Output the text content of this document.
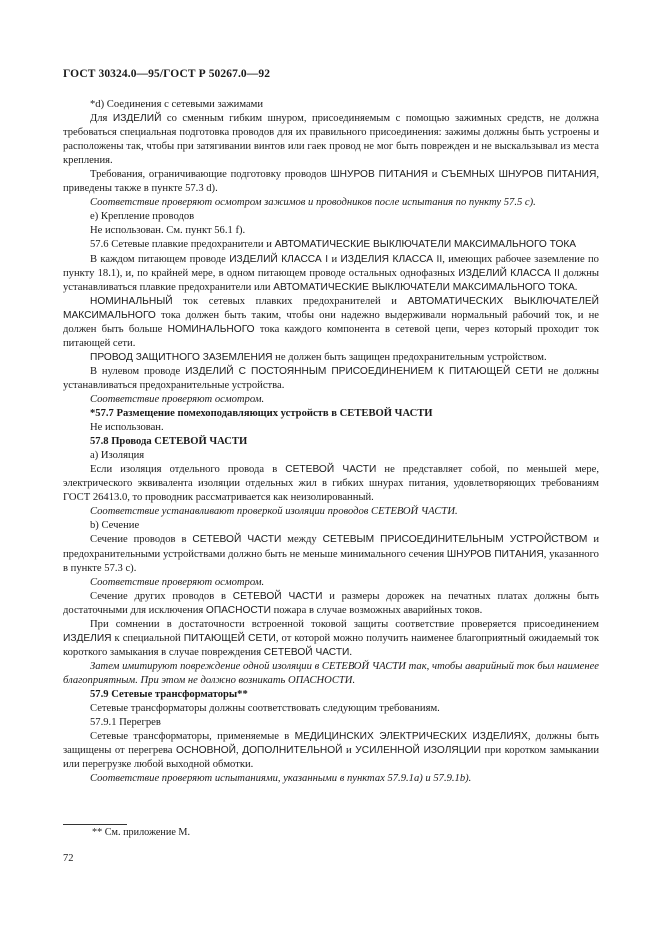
ГОСТ 30324.0—95/ГОСТ Р 50267.0—92

*d) Соединения с сетевыми зажимами

Для ИЗДЕЛИЙ со сменным гибким шнуром, присоединяемым с помощью зажимных средств, не должна требоваться специальная подготовка проводов для их правильного присоединения: зажимы должны быть устроены и расположены так, чтобы при затягивании винтов или гаек провод не мог быть поврежден и не выскальзывал из места крепления.

Требования, ограничивающие подготовку проводов ШНУРОВ ПИТАНИЯ и СЪЕМНЫХ ШНУРОВ ПИТАНИЯ, приведены также в пункте 57.3 d).

Соответствие проверяют осмотром зажимов и проводников после испытания по пункту 57.5 с).

е) Крепление проводов

Не использован. См. пункт 56.1 f).

57.6 Сетевые плавкие предохранители и АВТОМАТИЧЕСКИЕ ВЫКЛЮЧАТЕЛИ МАКСИМАЛЬНОГО ТОКА

В каждом питающем проводе ИЗДЕЛИЙ КЛАССА I и ИЗДЕЛИЯ КЛАССА II, имеющих рабочее заземление по пункту 18.1), и, по крайней мере, в одном питающем проводе остальных однофазных ИЗДЕЛИЙ КЛАССА II должны устанавливаться плавкие предохранители или АВТОМАТИЧЕСКИЕ ВЫКЛЮЧАТЕЛИ МАКСИМАЛЬНОГО ТОКА.

НОМИНАЛЬНЫЙ ток сетевых плавких предохранителей и АВТОМАТИЧЕСКИХ ВЫКЛЮЧАТЕЛЕЙ МАКСИМАЛЬНОГО тока должен быть таким, чтобы они надежно выдерживали нормальный рабочий ток, и не должен быть больше НОМИНАЛЬНОГО тока каждого компонента в сетевой цепи, через который проходит ток питающей сети.

ПРОВОД ЗАЩИТНОГО ЗАЗЕМЛЕНИЯ не должен быть защищен предохранительным устройством.

В нулевом проводе ИЗДЕЛИЙ С ПОСТОЯННЫМ ПРИСОЕДИНЕНИЕМ К ПИТАЮЩЕЙ СЕТИ не должны устанавливаться предохранительные устройства.

Соответствие проверяют осмотром.

*57.7 Размещение помехоподавляющих устройств в СЕТЕВОЙ ЧАСТИ

Не использован.

57.8 Провода СЕТЕВОЙ ЧАСТИ

а) Изоляция

Если изоляция отдельного провода в СЕТЕВОЙ ЧАСТИ не представляет собой, по меньшей мере, электрического эквивалента изоляции отдельных жил в гибких шнурах питания, удовлетворяющих требованиям ГОСТ 26413.0, то проводник рассматривается как неизолированный.

Соответствие устанавливают проверкой изоляции проводов СЕТЕВОЙ ЧАСТИ.

b) Сечение

Сечение проводов в СЕТЕВОЙ ЧАСТИ между СЕТЕВЫМ ПРИСОЕДИНИТЕЛЬНЫМ УСТРОЙСТВОМ и предохранительными устройствами должно быть не меньше минимального сечения ШНУРОВ ПИТАНИЯ, указанного в пункте 57.3 с).

Соответствие проверяют осмотром.

Сечение других проводов в СЕТЕВОЙ ЧАСТИ и размеры дорожек на печатных платах должны быть достаточными для исключения ОПАСНОСТИ пожара в случае возможных аварийных токов.

При сомнении в достаточности встроенной токовой защиты соответствие проверяется присоединением ИЗДЕЛИЯ к специальной ПИТАЮЩЕЙ СЕТИ, от которой можно получить наименее благоприятный ожидаемый ток короткого замыкания в случае повреждения СЕТЕВОЙ ЧАСТИ.

Затем имитируют повреждение одной изоляции в СЕТЕВОЙ ЧАСТИ так, чтобы аварийный ток был наименее благоприятным. При этом не должно возникать ОПАСНОСТИ.

57.9 Сетевые трансформаторы**

Сетевые трансформаторы должны соответствовать следующим требованиям.

57.9.1 Перегрев

Сетевые трансформаторы, применяемые в МЕДИЦИНСКИХ ЭЛЕКТРИЧЕСКИХ ИЗДЕЛИЯХ, должны быть защищены от перегрева ОСНОВНОЙ, ДОПОЛНИТЕЛЬНОЙ и УСИЛЕННОЙ ИЗОЛЯЦИИ при коротком замыкании или перегрузке любой выходной обмотки.

Соответствие проверяют испытаниями, указанными в пунктах 57.9.1а) и 57.9.1b).

** См. приложение М.
72
